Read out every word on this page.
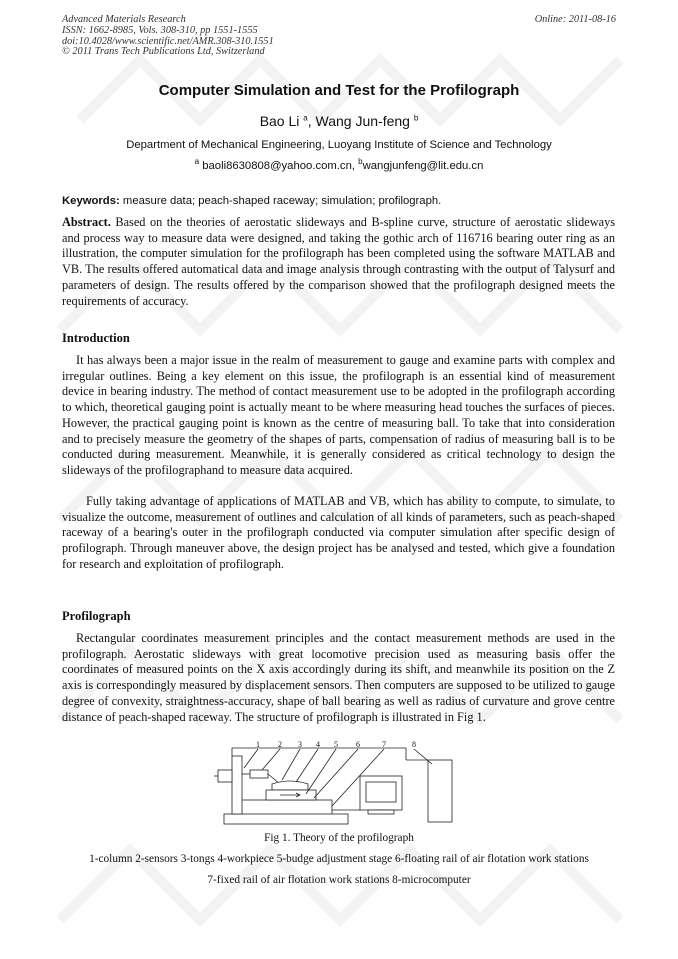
Advanced Materials Research
ISSN: 1662-8985, Vols. 308-310, pp 1551-1555
doi:10.4028/www.scientific.net/AMR.308-310.1551
© 2011 Trans Tech Publications Ltd, Switzerland
Online: 2011-08-16
Computer Simulation and Test for the Profilograph
Bao Li $^a$, Wang Jun-feng $^b$
Department of Mechanical Engineering, Luoyang Institute of Science and Technology
$^a$ baoli8630808@yahoo.com.cn, $^b$wangjunfeng@lit.edu.cn
Keywords: measure data; peach-shaped raceway; simulation; profilograph.
Abstract. Based on the theories of aerostatic slideways and B-spline curve, structure of aerostatic slideways and process way to measure data were designed, and taking the gothic arch of 116716 bearing outer ring as an illustration, the computer simulation for the profilograph has been completed using the software MATLAB and VB. The results offered automatical data and image analysis through contrasting with the output of Talysurf and parameters of design. The results offered by the comparison showed that the profilograph designed meets the requirements of accuracy.
Introduction
It has always been a major issue in the realm of measurement to gauge and examine parts with complex and irregular outlines. Being a key element on this issue, the profilograph is an essential kind of measurement device in bearing industry. The method of contact measurement use to be adopted in the profilograph according to which, theoretical gauging point is actually meant to be where measuring head touches the surfaces of pieces. However, the practical gauging point is known as the centre of measuring ball. To take that into consideration and to precisely measure the geometry of the shapes of parts, compensation of radius of measuring ball is to be conducted during measurement. Meanwhile, it is generally considered as critical technology to design the slideways of the profilographand to measure data acquired.
Fully taking advantage of applications of MATLAB and VB, which has ability to compute, to simulate, to visualize the outcome, measurement of outlines and calculation of all kinds of parameters, such as peach-shaped raceway of a bearing's outer in the profilograph conducted via computer simulation after specific design of profilograph. Through maneuver above, the design project has be analysed and tested, which give a foundation for research and exploitation of profilograph.
Profilograph
Rectangular coordinates measurement principles and the contact measurement methods are used in the profilograph. Aerostatic slideways with great locomotive precision used as measuring basis offer the coordinates of measured points on the X axis accordingly during its shift, and meanwhile its position on the Z axis is correspondingly measured by displacement sensors. Then computers are supposed to be utilized to gauge degree of convexity, straightness-accuracy, shape of ball bearing as well as radius of curvature and grove centre distance of peach-shaped raceway. The structure of profilograph is illustrated in Fig 1.
1 2 3 4 5 6	7	8
Fig 1. Theory of the profilograph
1-column 2-sensors 3-tongs 4-workpiece 5-budge adjustment stage 6-floating rail of air flotation work stations
7-fixed rail of air flotation work stations 8-microcomputer
